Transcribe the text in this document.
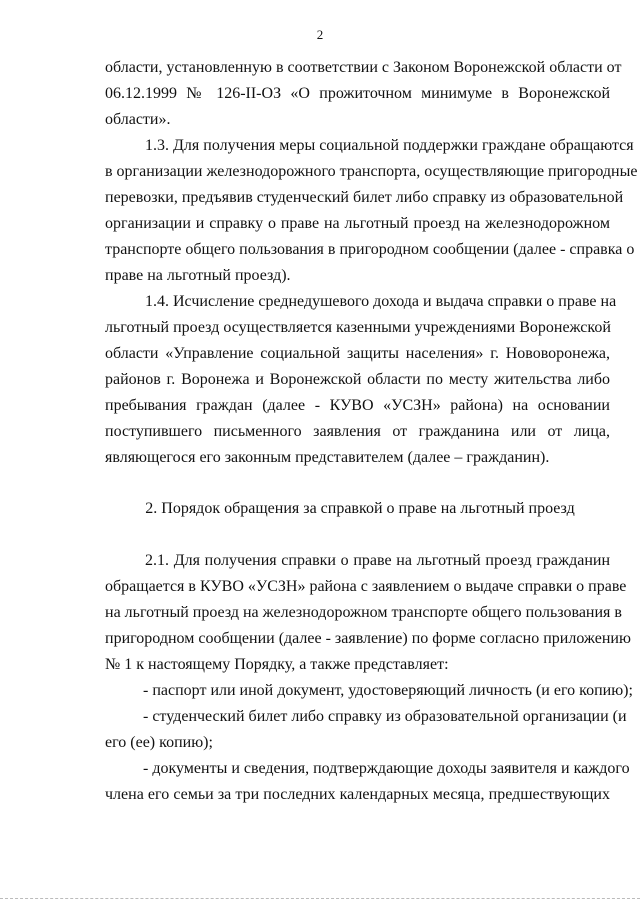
2
области, установленную в соответствии с Законом Воронежской области от
06.12.1999 № 126-II-ОЗ «О прожиточном минимуме в Воронежской
области».
1.3. Для получения меры социальной поддержки граждане обращаются
в организации железнодорожного транспорта, осуществляющие пригородные
перевозки, предъявив студенческий билет либо справку из образовательной
организации и справку о праве на льготный проезд на железнодорожном
транспорте общего пользования в пригородном сообщении (далее - справка о
праве на льготный проезд).
1.4. Исчисление среднедушевого дохода и выдача справки о праве на
льготный проезд осуществляется казенными учреждениями Воронежской
области «Управление социальной защиты населения» г. Нововоронежа,
районов г. Воронежа и Воронежской области по месту жительства либо
пребывания граждан (далее - КУВО «УСЗН» района) на основании
поступившего письменного заявления от гражданина или от лица,
являющегося его законным представителем (далее – гражданин).
2. Порядок обращения за справкой о праве на льготный проезд
2.1. Для получения справки о праве на льготный проезд гражданин
обращается в КУВО «УСЗН» района с заявлением о выдаче справки о праве
на льготный проезд на железнодорожном транспорте общего пользования в
пригородном сообщении (далее - заявление) по форме согласно приложению
№ 1 к настоящему Порядку, а также представляет:
- паспорт или иной документ, удостоверяющий личность (и его копию);
- студенческий билет либо справку из образовательной организации (и
его (ее) копию);
- документы и сведения, подтверждающие доходы заявителя и каждого
члена его семьи за три последних календарных месяца, предшествующих
